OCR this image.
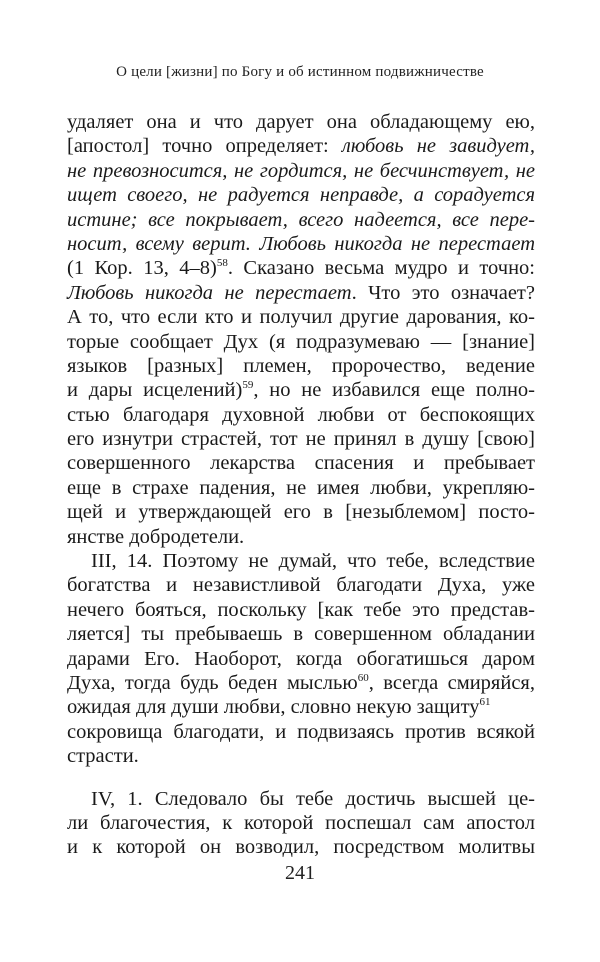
О цели [жизни] по Богу и об истинном подвижничестве
удаляет она и что дарует она обладающему ею,
[апостол] точно определяет: любовь не завидует,
не превозносится, не гордится, не бесчинствует, не
ищет своего, не радуется неправде, а сорадуется
истине; все покрывает, всего надеется, все пере-
носит, всему верит. Любовь никогда не перестает
(1 Кор. 13, 4–8)$^{58}$. Сказано весьма мудро и точно:
Любовь никогда не перестает. Что это означает?
А то, что если кто и получил другие дарования, ко-
торые сообщает Дух (я подразумеваю — [знание]
языков [разных] племен, пророчество, ведение
и дары исцелений)$^{59}$, но не избавился еще полно-
стью благодаря духовной любви от беспокоящих
его изнутри страстей, тот не принял в душу [свою]
совершенного лекарства спасения и пребывает
еще в страхе падения, не имея любви, укрепляю-
щей и утверждающей его в [незыблемом] посто-
янстве добродетели.
III, 14. Поэтому не думай, что тебе, вследствие
богатства и независтливой благодати Духа, уже
нечего бояться, поскольку [как тебе это представ-
ляется] ты пребываешь в совершенном обладании
дарами Его. Наоборот, когда обогатишься даром
Духа, тогда будь беден мыслью$^{60}$, всегда смиряйся,
ожидая для души любви, словно некую защиту$^{61}$
сокровища благодати, и подвизаясь против всякой
страсти.
IV, 1. Следовало бы тебе достичь высшей це-
ли благочестия, к которой поспешал сам апостол
и к которой он возводил, посредством молитвы
241
